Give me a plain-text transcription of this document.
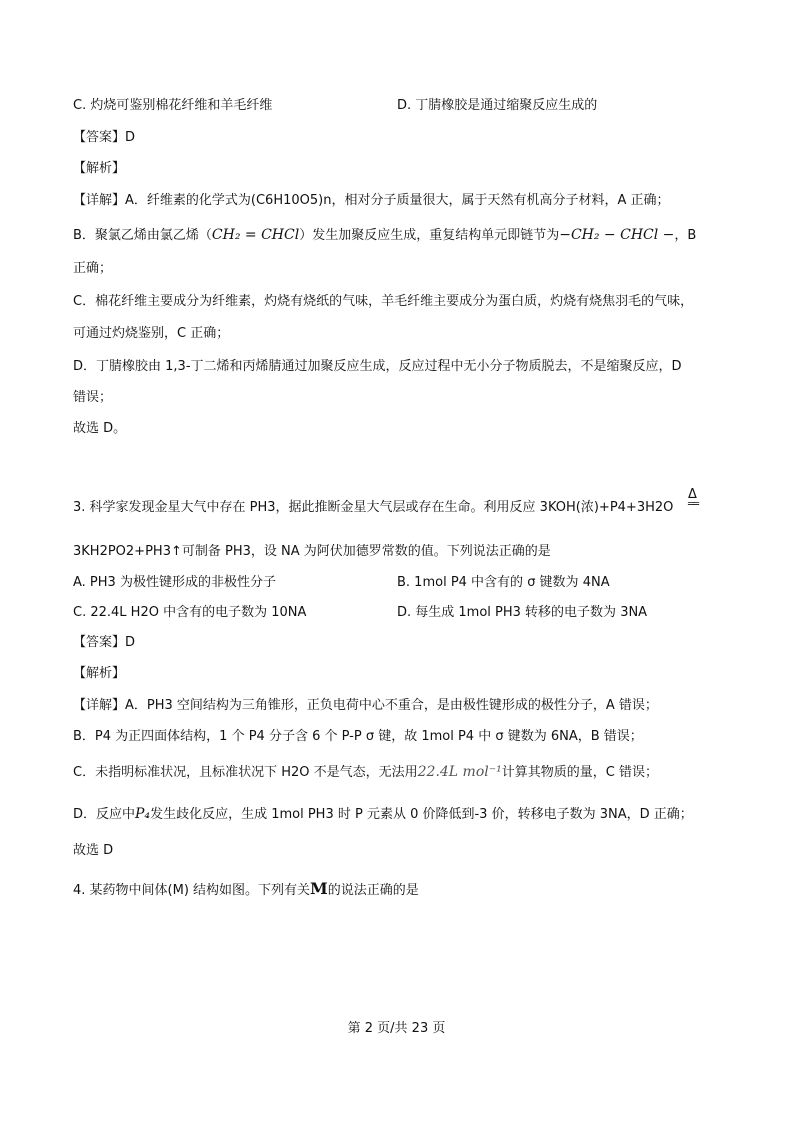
C. 灼烧可鉴别棉花纤维和羊毛纤维	D. 丁腈橡胶是通过缩聚反应生成的
【答案】D
【解析】
【详解】A．纤维素的化学式为(C6H10O5)n，相对分子质量很大，属于天然有机高分子材料，A 正确；
B．聚氯乙烯由氯乙烯（CH₂ = CHCl）发生加聚反应生成，重复结构单元即链节为−CH₂ − CHCl −，B
正确；
C．棉花纤维主要成分为纤维素，灼烧有烧纸的气味，羊毛纤维主要成分为蛋白质，灼烧有烧焦羽毛的气味，
可通过灼烧鉴别，C 正确；
D．丁腈橡胶由 1,3-丁二烯和丙烯腈通过加聚反应生成，反应过程中无小分子物质脱去，不是缩聚反应，D
错误；
故选 D。
3. 科学家发现金星大气中存在 PH3，据此推断金星大气层或存在生命。利用反应 3KOH(浓)+P4+3H2O
Δ
══
3KH2PO2+PH3↑可制备 PH3，设 NA 为阿伏加德罗常数的值。下列说法正确的是
A. PH3 为极性键形成的非极性分子	B. 1mol P4 中含有的 σ 键数为 4NA
C. 22.4L H2O 中含有的电子数为 10NA	D. 每生成 1mol PH3 转移的电子数为 3NA
【答案】D
【解析】
【详解】A．PH3 空间结构为三角锥形，正负电荷中心不重合，是由极性键形成的极性分子，A 错误；
B．P4 为正四面体结构，1 个 P4 分子含 6 个 P-P σ 键，故 1mol P4 中 σ 键数为 6NA，B 错误；
C．未指明标准状况，且标准状况下 H2O 不是气态，无法用22.4L mol⁻¹计算其物质的量，C 错误；
D．反应中P₄发生歧化反应，生成 1mol PH3 时 P 元素从 0 价降低到-3 价，转移电子数为 3NA，D 正确；
故选 D
4. 某药物中间体(M) 结构如图。下列有关M的说法正确的是
第 2 页/共 23 页
